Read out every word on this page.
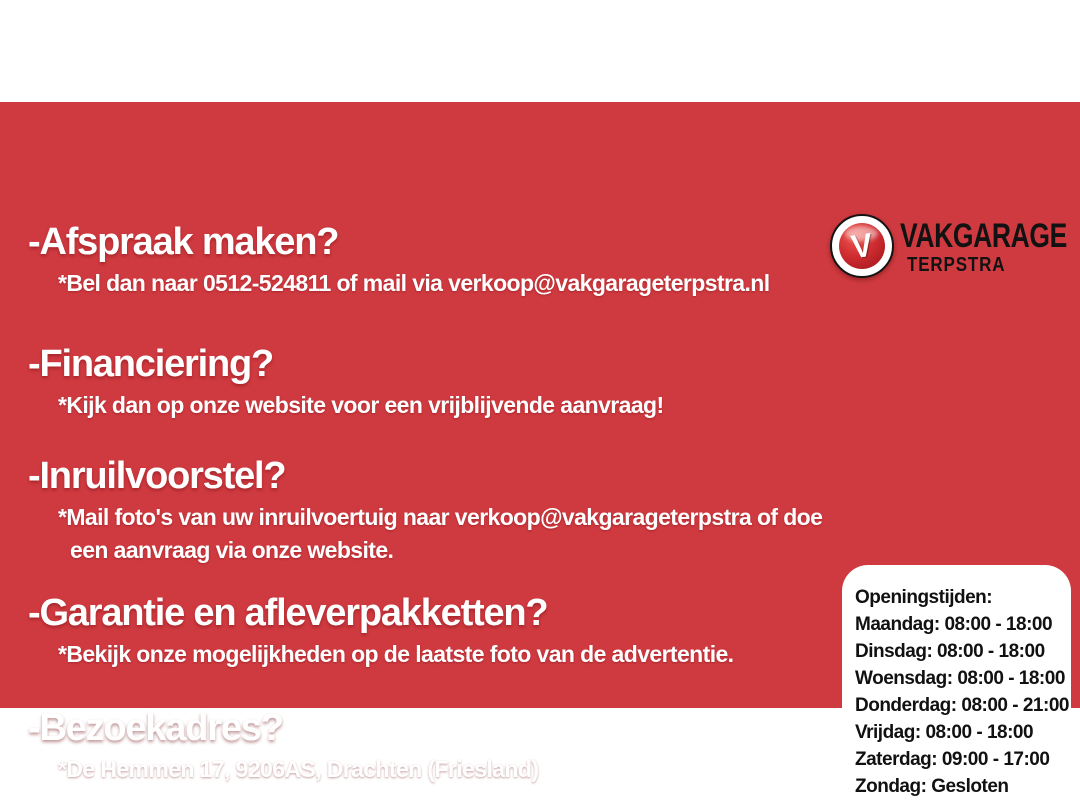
V VAKGARAGE
TERPSTRA
-Afspraak maken?

*Bel dan naar 0512-524811 of mail via verkoop@vakgarageterpstra.nl

-Financiering?

*Kijk dan op onze website voor een vrijblijvende aanvraag!

-Inruilvoorstel?

*Mail foto's van uw inruilvoertuig naar verkoop@vakgarageterpstra of doe

een aanvraag via onze website.

-Garantie en afleverpakketten?

*Bekijk onze mogelijkheden op de laatste foto van de advertentie.

-Bezoekadres?

*De Hemmen 17, 9206AS, Drachten (Friesland)

Openingstijden:
Maandag: 08:00 - 18:00
Dinsdag: 08:00 - 18:00
Woensdag: 08:00 - 18:00
Donderdag: 08:00 - 21:00
Vrijdag: 08:00 - 18:00
Zaterdag: 09:00 - 17:00
Zondag: Gesloten
